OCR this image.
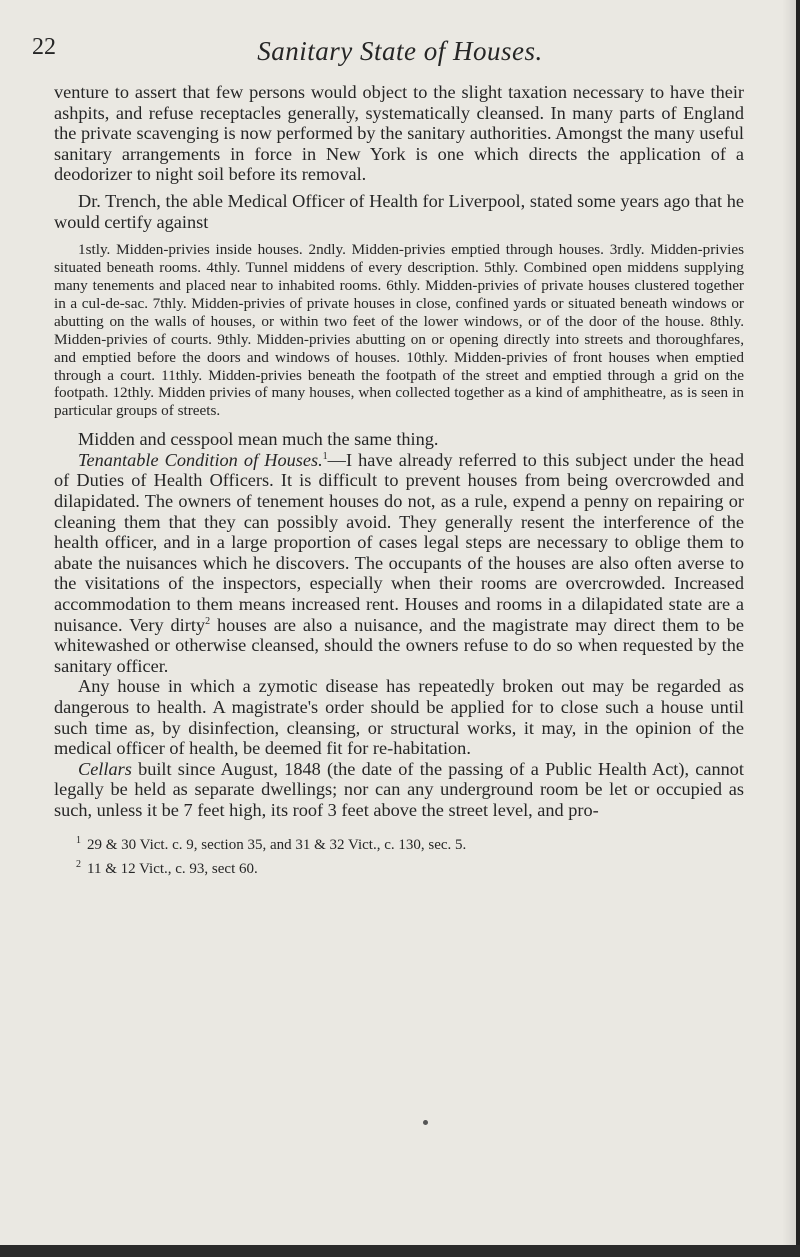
22	Sanitary State of Houses.

venture to assert that few persons would object to the slight taxation necessary to have their ashpits, and refuse receptacles generally, systematically cleansed. In many parts of England the private scavenging is now performed by the sanitary authorities. Amongst the many useful sanitary arrangements in force in New York is one which directs the application of a deodorizer to night soil before its removal.

Dr. Trench, the able Medical Officer of Health for Liverpool, stated some years ago that he would certify against

1stly. Midden-privies inside houses. 2ndly. Midden-privies emptied through houses. 3rdly. Midden-privies situated beneath rooms. 4thly. Tunnel middens of every description. 5thly. Combined open middens supplying many tenements and placed near to inhabited rooms. 6thly. Midden-privies of private houses clustered together in a cul-de-sac. 7thly. Midden-privies of private houses in close, confined yards or situated beneath windows or abutting on the walls of houses, or within two feet of the lower windows, or of the door of the house. 8thly. Midden-privies of courts. 9thly. Midden-privies abutting on or opening directly into streets and thoroughfares, and emptied before the doors and windows of houses. 10thly. Midden-privies of front houses when emptied through a court. 11thly. Midden-privies beneath the footpath of the street and emptied through a grid on the footpath. 12thly. Midden privies of many houses, when collected together as a kind of amphitheatre, as is seen in particular groups of streets.

Midden and cesspool mean much the same thing.

Tenantable Condition of Houses.$^1$—I have already referred to this subject under the head of Duties of Health Officers. It is difficult to prevent houses from being overcrowded and dilapidated. The owners of tenement houses do not, as a rule, expend a penny on repairing or cleaning them that they can possibly avoid. They generally resent the interference of the health officer, and in a large proportion of cases legal steps are necessary to oblige them to abate the nuisances which he discovers. The occupants of the houses are also often averse to the visitations of the inspectors, especially when their rooms are overcrowded. Increased accommodation to them means increased rent. Houses and rooms in a dilapidated state are a nuisance. Very dirty$^2$ houses are also a nuisance, and the magistrate may direct them to be whitewashed or otherwise cleansed, should the owners refuse to do so when requested by the sanitary officer.

Any house in which a zymotic disease has repeatedly broken out may be regarded as dangerous to health. A magistrate's order should be applied for to close such a house until such time as, by disinfection, cleansing, or structural works, it may, in the opinion of the medical officer of health, be deemed fit for re-habitation.

Cellars built since August, 1848 (the date of the passing of a Public Health Act), cannot legally be held as separate dwellings; nor can any underground room be let or occupied as such, unless it be 7 feet high, its roof 3 feet above the street level, and pro-

$^1$ 29 & 30 Vict. c. 9, section 35, and 31 & 32 Vict., c. 130, sec. 5.

$^2$ 11 & 12 Vict., c. 93, sect 60.
